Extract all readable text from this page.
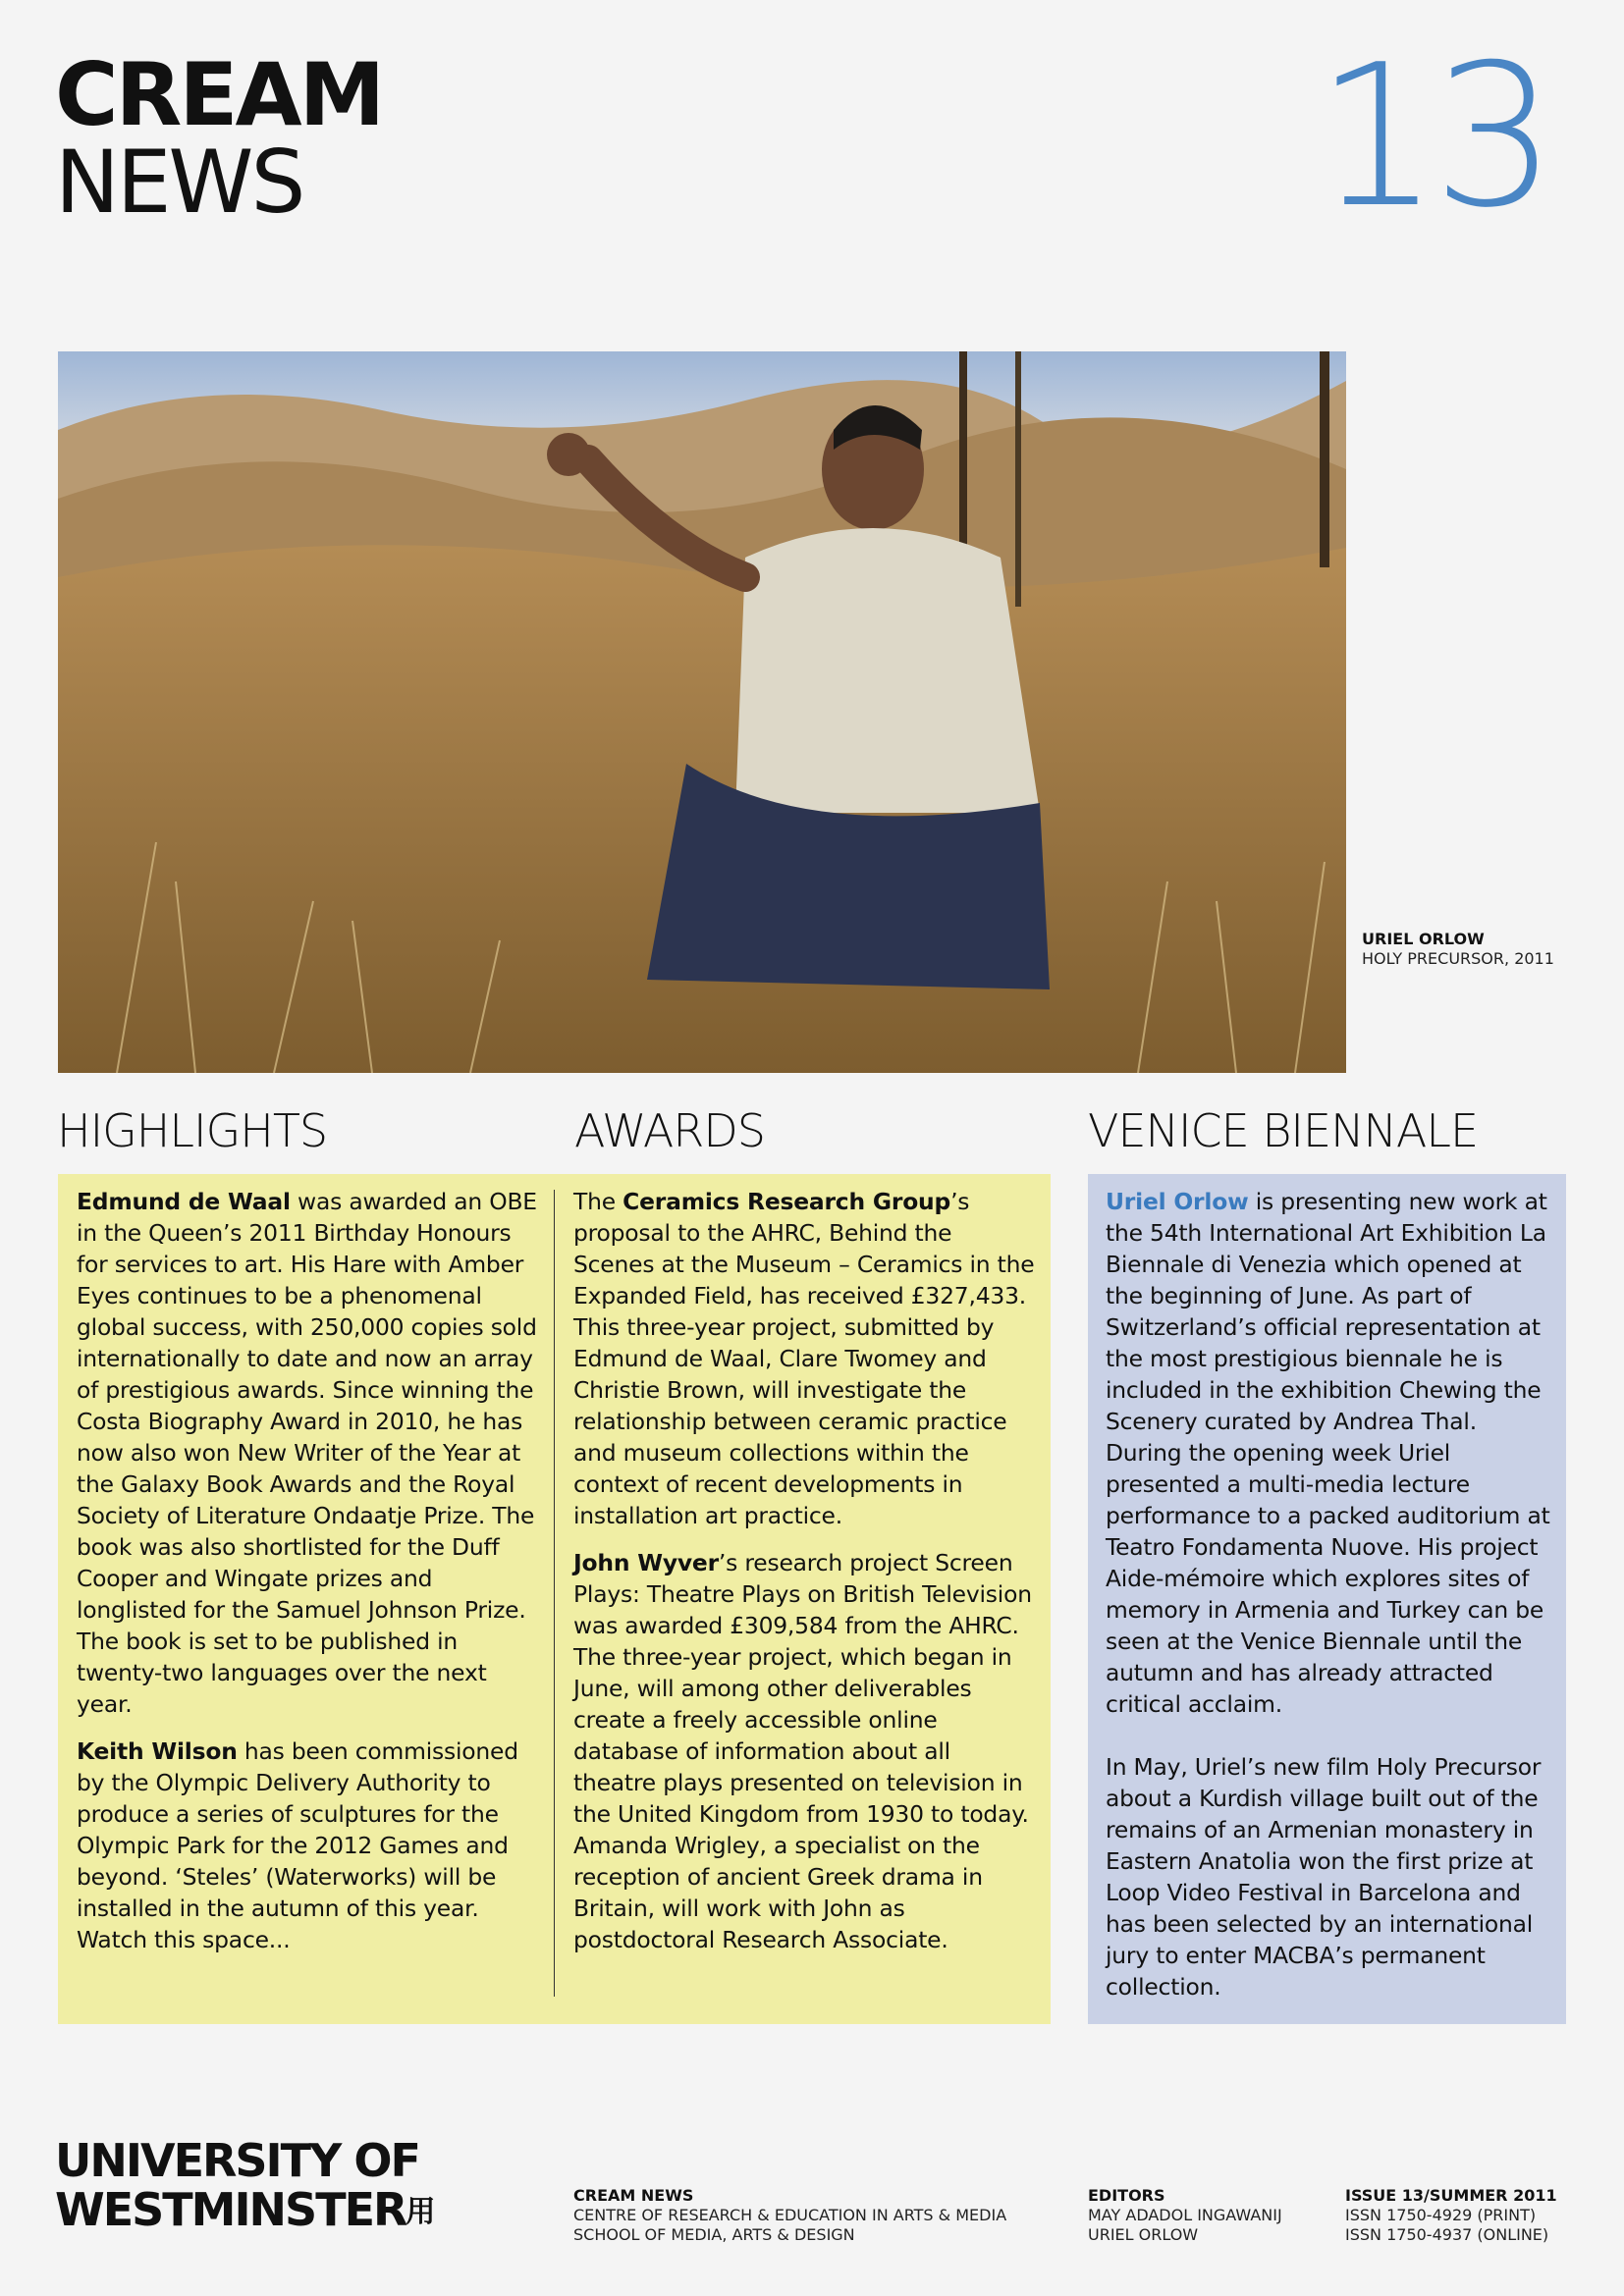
CREAM
NEWS	13
URIEL ORLOW
HOLY PRECURSOR, 2011
HIGHLIGHTS	AWARDS	VENICE BIENNALE

Edmund de Waal was awarded an OBE in the Queen’s 2011 Birthday Honours for services to art. His Hare with Amber Eyes continues to be a phenomenal global success, with 250,000 copies sold internationally to date and now an array of prestigious awards. Since winning the Costa Biography Award in 2010, he has now also won New Writer of the Year at the Galaxy Book Awards and the Royal Society of Literature Ondaatje Prize. The book was also shortlisted for the Duff Cooper and Wingate prizes and longlisted for the Samuel Johnson Prize. The book is set to be published in twenty-two languages over the next year.

Keith Wilson has been commissioned by the Olympic Delivery Authority to produce a series of sculptures for the Olympic Park for the 2012 Games and beyond. ‘Steles’ (Waterworks) will be installed in the autumn of this year. Watch this space...

The Ceramics Research Group’s proposal to the AHRC, Behind the Scenes at the Museum – Ceramics in the Expanded Field, has received £327,433. This three-year project, submitted by Edmund de Waal, Clare Twomey and Christie Brown, will investigate the relationship between ceramic practice and museum collections within the context of recent developments in installation art practice.

John Wyver’s research project Screen Plays: Theatre Plays on British Television was awarded £309,584 from the AHRC. The three-year project, which began in June, will among other deliverables create a freely accessible online database of information about all theatre plays presented on television in the United Kingdom from 1930 to today. Amanda Wrigley, a specialist on the reception of ancient Greek drama in Britain, will work with John as postdoctoral Research Associate.

Uriel Orlow is presenting new work at the 54th International Art Exhibition La Biennale di Venezia which opened at the beginning of June. As part of Switzerland’s official representation at the most prestigious biennale he is included in the exhibition Chewing the Scenery curated by Andrea Thal. During the opening week Uriel presented a multi-media lecture performance to a packed auditorium at Teatro Fondamenta Nuove. His project Aide-mémoire which explores sites of memory in Armenia and Turkey can be seen at the Venice Biennale until the autumn and has already attracted critical acclaim.

In May, Uriel’s new film Holy Precursor about a Kurdish village built out of the remains of an Armenian monastery in Eastern Anatolia won the first prize at Loop Video Festival in Barcelona and has been selected by an international jury to enter MACBA’s permanent collection.

UNIVERSITY OF
WESTMINSTER用	CREAM NEWS
CENTRE OF RESEARCH & EDUCATION IN ARTS & MEDIA
SCHOOL OF MEDIA, ARTS & DESIGN
EDITORS
MAY ADADOL INGAWANIJ
URIEL ORLOW
ISSUE 13/SUMMER 2011
ISSN 1750-4929 (PRINT)
ISSN 1750-4937 (ONLINE)
